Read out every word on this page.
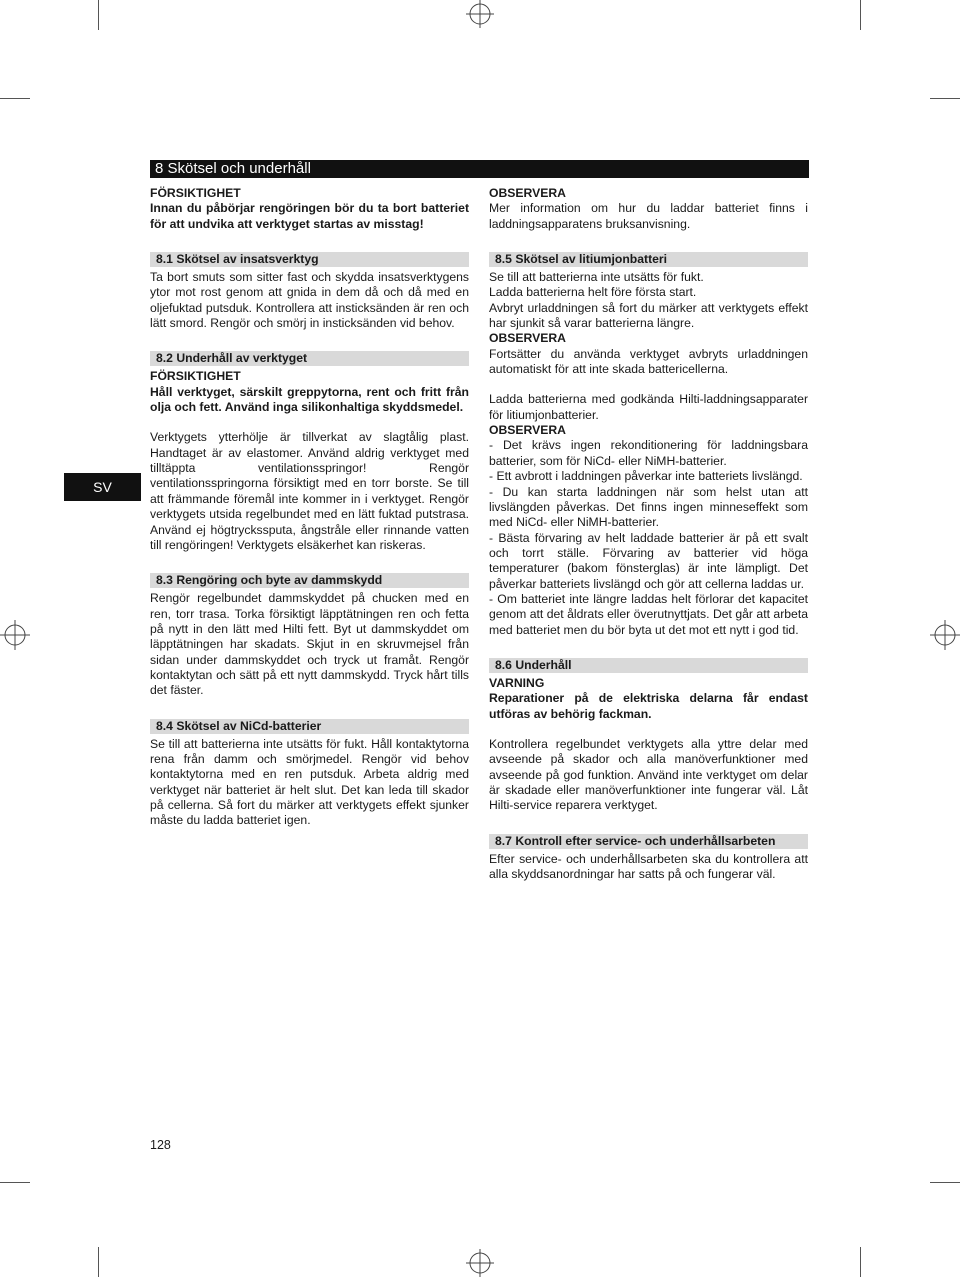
8 Skötsel och underhåll
SV
FÖRSIKTIGHET

Innan du påbörjar rengöringen bör du ta bort batteriet för att undvika att verktyget startas av misstag!

8.1 Skötsel av insatsverktyg

Ta bort smuts som sitter fast och skydda insatsverktygens ytor mot rost genom att gnida in dem då och då med en oljefuktad putsduk. Kontrollera att insticksänden är ren och lätt smord. Rengör och smörj in insticksänden vid behov.

8.2 Underhåll av verktyget
FÖRSIKTIGHET

Håll verktyget, särskilt greppytorna, rent och fritt från olja och fett. Använd inga silikonhaltiga skyddsmedel.

Verktygets ytterhölje är tillverkat av slagtålig plast. Handtaget är av elastomer. Använd aldrig verktyget med tilltäppta ventilationsspringor! Rengör ventilationsspringorna försiktigt med en torr borste. Se till att främmande föremål inte kommer in i verktyget. Rengör verktygets utsida regelbundet med en lätt fuktad putstrasa. Använd ej högtryckssputa, ångstråle eller rinnande vatten till rengöringen! Verktygets elsäkerhet kan riskeras.

8.3 Rengöring och byte av dammskydd

Rengör regelbundet dammskyddet på chucken med en ren, torr trasa. Torka försiktigt läpptätningen ren och fetta på nytt in den lätt med Hilti fett. Byt ut dammskyddet om läpptätningen har skadats. Skjut in en skruvmejsel från sidan under dammskyddet och tryck ut framåt. Rengör kontaktytan och sätt på ett nytt dammskydd. Tryck hårt tills det fäster.

8.4 Skötsel av NiCd-batterier

Se till att batterierna inte utsätts för fukt. Håll kontaktytorna rena från damm och smörjmedel. Rengör vid behov kontaktytorna med en ren putsduk. Arbeta aldrig med verktyget när batteriet är helt slut. Det kan leda till skador på cellerna. Så fort du märker att verktygets effekt sjunker måste du ladda batteriet igen.

OBSERVERA

Mer information om hur du laddar batteriet finns i laddningsapparatens bruksanvisning.

8.5 Skötsel av litiumjonbatteri

Se till att batterierna inte utsätts för fukt.

Ladda batterierna helt före första start.

Avbryt urladdningen så fort du märker att verktygets effekt har sjunkit så varar batterierna längre.

OBSERVERA

Fortsätter du använda verktyget avbryts urladdningen automatiskt för att inte skada battericellerna.

Ladda batterierna med godkända Hilti-laddningsapparater för litiumjonbatterier.

OBSERVERA

- Det krävs ingen rekonditionering för laddningsbara batterier, som för NiCd- eller NiMH-batterier.

- Ett avbrott i laddningen påverkar inte batteriets livslängd.

- Du kan starta laddningen när som helst utan att livslängden påverkas. Det finns ingen minneseffekt som med NiCd- eller NiMH-batterier.

- Bästa förvaring av helt laddade batterier är på ett svalt och torrt ställe. Förvaring av batterier vid höga temperaturer (bakom fönsterglas) är inte lämpligt. Det påverkar batteriets livslängd och gör att cellerna laddas ur.

- Om batteriet inte längre laddas helt förlorar det kapacitet genom att det åldrats eller överutnyttjats. Det går att arbeta med batteriet men du bör byta ut det mot ett nytt i god tid.

8.6 Underhåll
VARNING

Reparationer på de elektriska delarna får endast utföras av behörig fackman.

Kontrollera regelbundet verktygets alla yttre delar med avseende på skador och alla manöverfunktioner med avseende på god funktion. Använd inte verktyget om delar är skadade eller manöverfunktioner inte fungerar väl. Låt Hilti-service reparera verktyget.

8.7 Kontroll efter service- och underhållsarbeten

Efter service- och underhållsarbeten ska du kontrollera att alla skyddsanordningar har satts på och fungerar väl.

128
